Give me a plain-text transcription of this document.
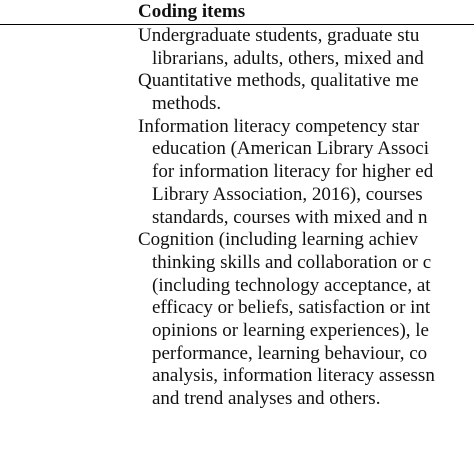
Coding items
Undergraduate students, graduate stu
librarians, adults, others, mixed and
Quantitative methods, qualitative me
methods.
Information literacy competency star
education (American Library Associ
for information literacy for higher ed
Library Association, 2016), courses
standards, courses with mixed and n
Cognition (including learning achiev
thinking skills and collaboration or c
(including technology acceptance, at
efficacy or beliefs, satisfaction or int
opinions or learning experiences), le
performance, learning behaviour, co
analysis, information literacy assessn
and trend analyses and others.
